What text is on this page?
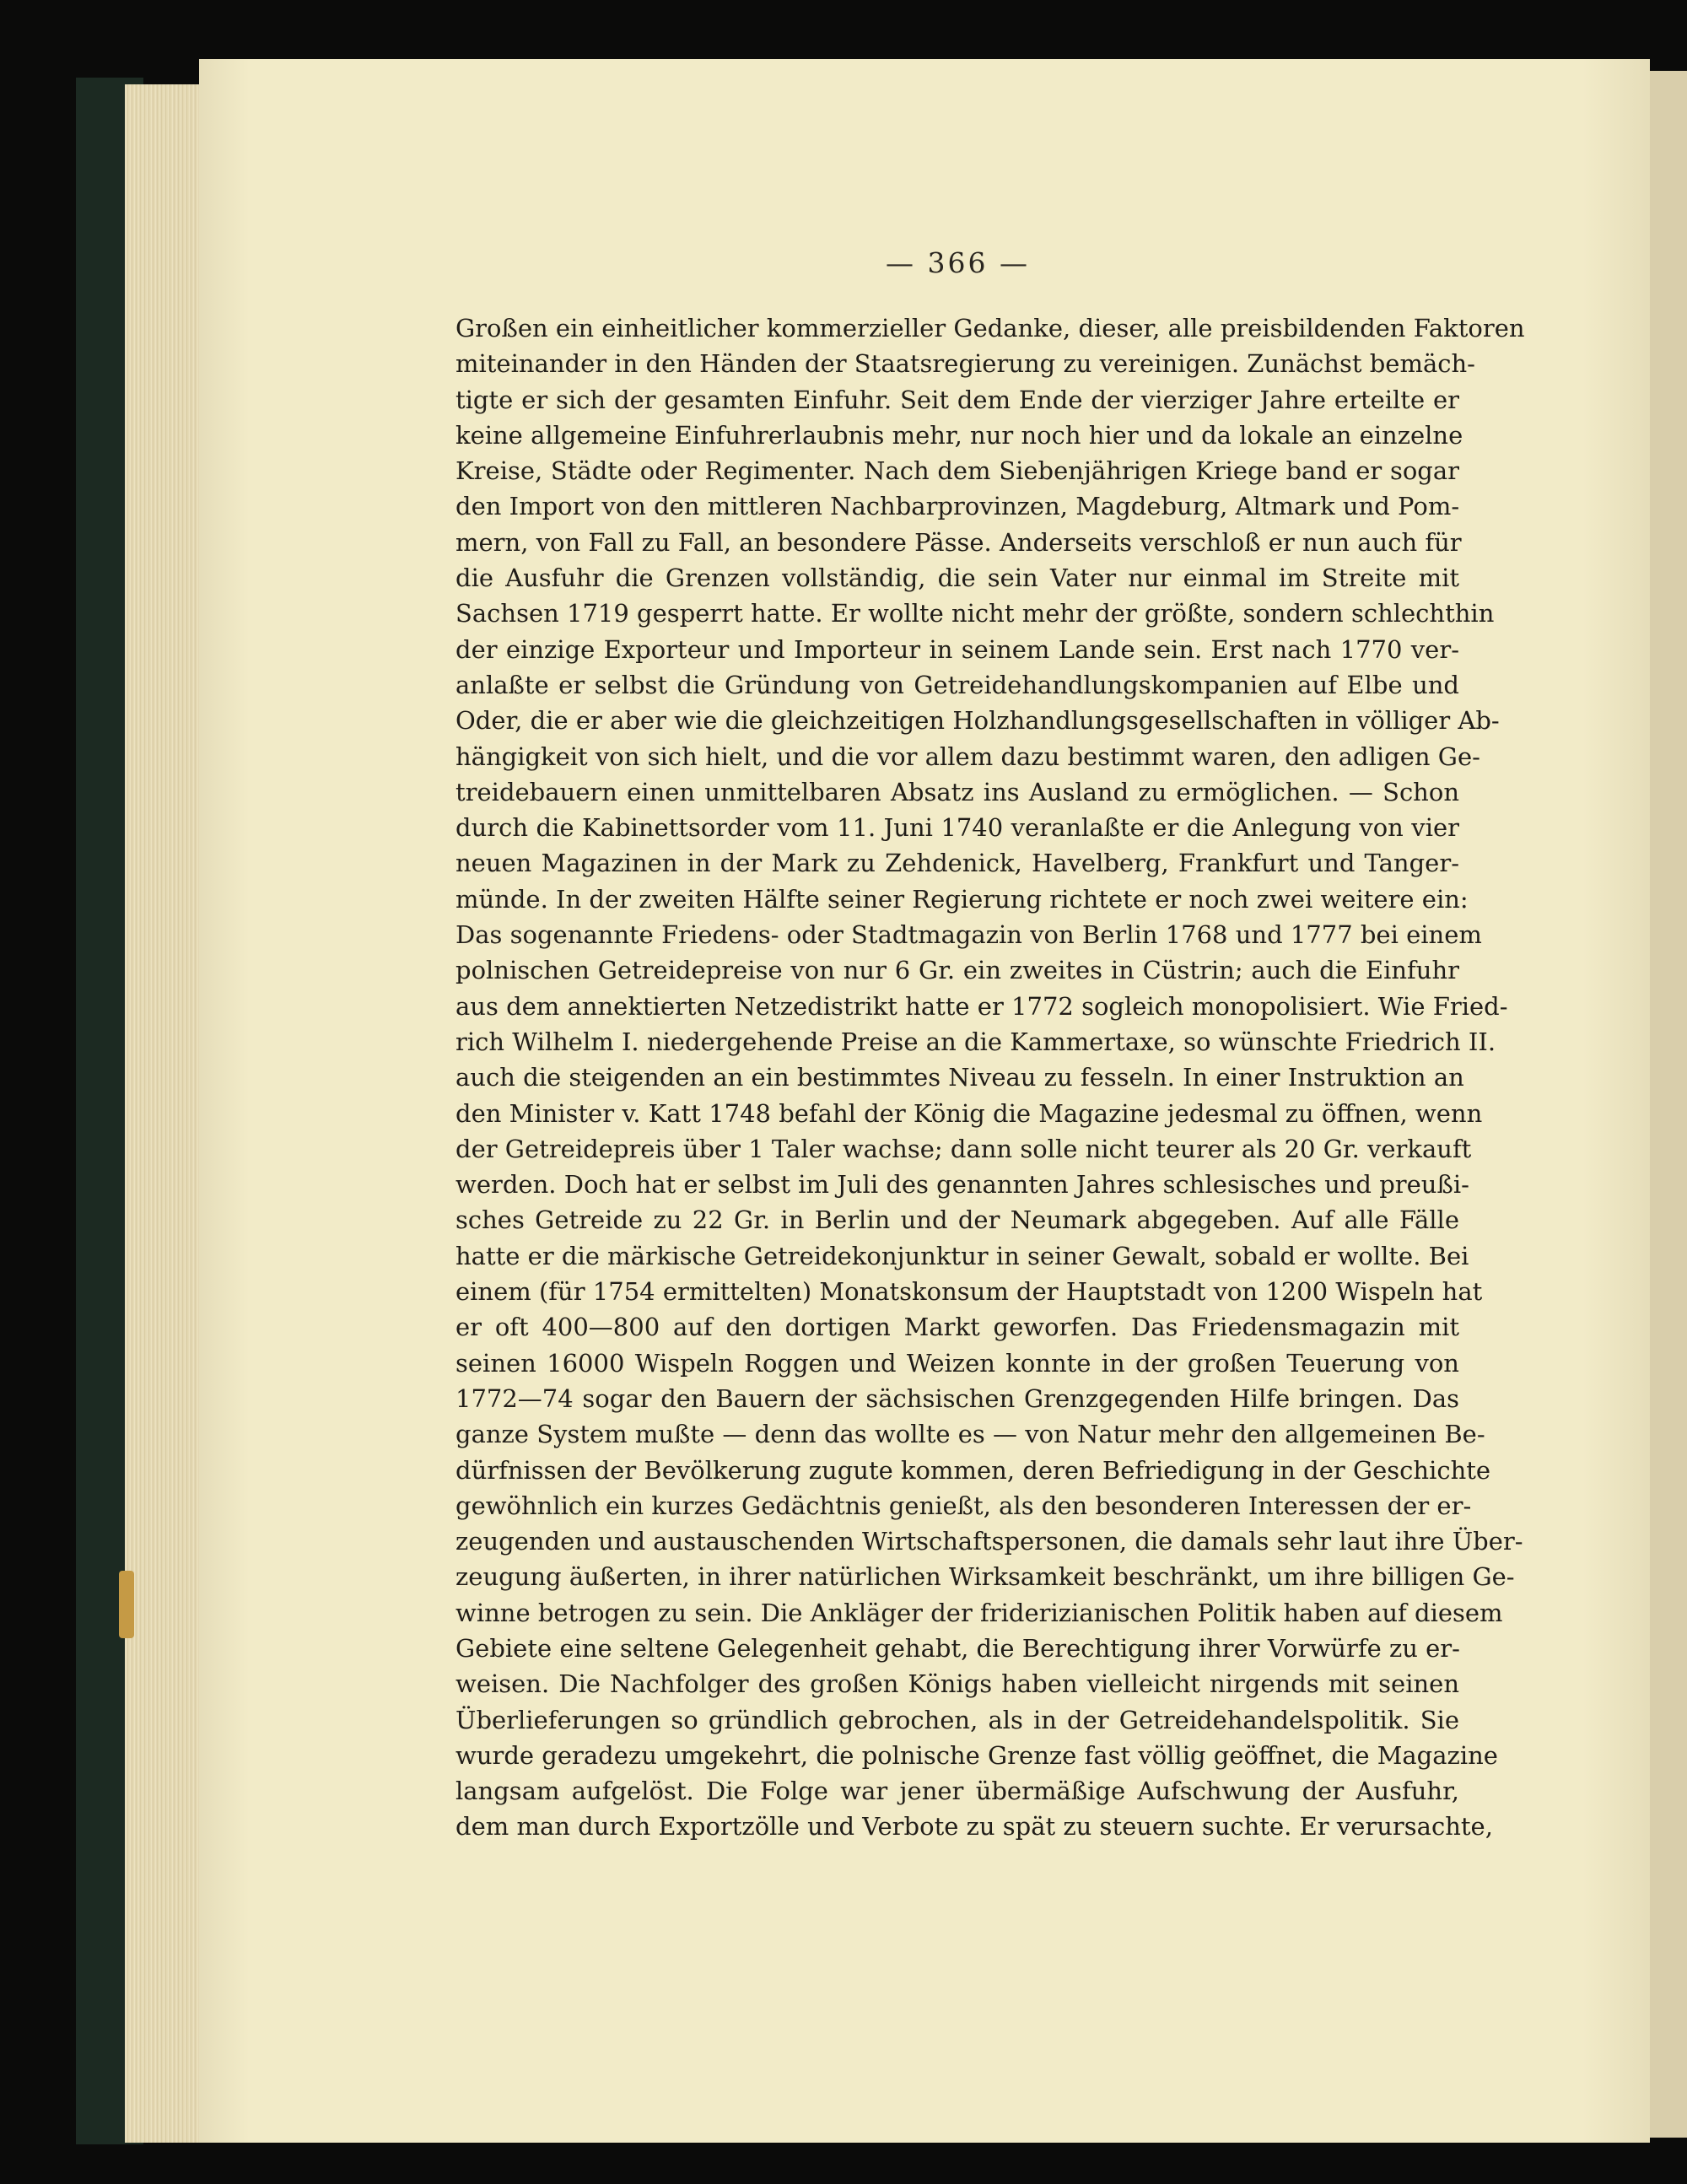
— 366 —
Großen ein einheitlicher kommerzieller Gedanke, dieser, alle preisbildenden Faktoren
miteinander in den Händen der Staatsregierung zu vereinigen. Zunächst bemäch-
tigte er sich der gesamten Einfuhr. Seit dem Ende der vierziger Jahre erteilte er
keine allgemeine Einfuhrerlaubnis mehr, nur noch hier und da lokale an einzelne
Kreise, Städte oder Regimenter. Nach dem Siebenjährigen Kriege band er sogar
den Import von den mittleren Nachbarprovinzen, Magdeburg, Altmark und Pom-
mern, von Fall zu Fall, an besondere Pässe. Anderseits verschloß er nun auch für
die Ausfuhr die Grenzen vollständig, die sein Vater nur einmal im Streite mit
Sachsen 1719 gesperrt hatte. Er wollte nicht mehr der größte, sondern schlechthin
der einzige Exporteur und Importeur in seinem Lande sein. Erst nach 1770 ver-
anlaßte er selbst die Gründung von Getreidehandlungskompanien auf Elbe und
Oder, die er aber wie die gleichzeitigen Holzhandlungsgesellschaften in völliger Ab-
hängigkeit von sich hielt, und die vor allem dazu bestimmt waren, den adligen Ge-
treidebauern einen unmittelbaren Absatz ins Ausland zu ermöglichen. — Schon
durch die Kabinettsorder vom 11. Juni 1740 veranlaßte er die Anlegung von vier
neuen Magazinen in der Mark zu Zehdenick, Havelberg, Frankfurt und Tanger-
münde. In der zweiten Hälfte seiner Regierung richtete er noch zwei weitere ein:
Das sogenannte Friedens- oder Stadtmagazin von Berlin 1768 und 1777 bei einem
polnischen Getreidepreise von nur 6 Gr. ein zweites in Cüstrin; auch die Einfuhr
aus dem annektierten Netzedistrikt hatte er 1772 sogleich monopolisiert. Wie Fried-
rich Wilhelm I. niedergehende Preise an die Kammertaxe, so wünschte Friedrich II.
auch die steigenden an ein bestimmtes Niveau zu fesseln. In einer Instruktion an
den Minister v. Katt 1748 befahl der König die Magazine jedesmal zu öffnen, wenn
der Getreidepreis über 1 Taler wachse; dann solle nicht teurer als 20 Gr. verkauft
werden. Doch hat er selbst im Juli des genannten Jahres schlesisches und preußi-
sches Getreide zu 22 Gr. in Berlin und der Neumark abgegeben. Auf alle Fälle
hatte er die märkische Getreidekonjunktur in seiner Gewalt, sobald er wollte. Bei
einem (für 1754 ermittelten) Monatskonsum der Hauptstadt von 1200 Wispeln hat
er oft 400—800 auf den dortigen Markt geworfen. Das Friedensmagazin mit
seinen 16000 Wispeln Roggen und Weizen konnte in der großen Teuerung von
1772—74 sogar den Bauern der sächsischen Grenzgegenden Hilfe bringen. Das
ganze System mußte — denn das wollte es — von Natur mehr den allgemeinen Be-
dürfnissen der Bevölkerung zugute kommen, deren Befriedigung in der Geschichte
gewöhnlich ein kurzes Gedächtnis genießt, als den besonderen Interessen der er-
zeugenden und austauschenden Wirtschaftspersonen, die damals sehr laut ihre Über-
zeugung äußerten, in ihrer natürlichen Wirksamkeit beschränkt, um ihre billigen Ge-
winne betrogen zu sein. Die Ankläger der friderizianischen Politik haben auf diesem
Gebiete eine seltene Gelegenheit gehabt, die Berechtigung ihrer Vorwürfe zu er-
weisen. Die Nachfolger des großen Königs haben vielleicht nirgends mit seinen
Überlieferungen so gründlich gebrochen, als in der Getreidehandelspolitik. Sie
wurde geradezu umgekehrt, die polnische Grenze fast völlig geöffnet, die Magazine
langsam aufgelöst. Die Folge war jener übermäßige Aufschwung der Ausfuhr,
dem man durch Exportzölle und Verbote zu spät zu steuern suchte. Er verursachte,
